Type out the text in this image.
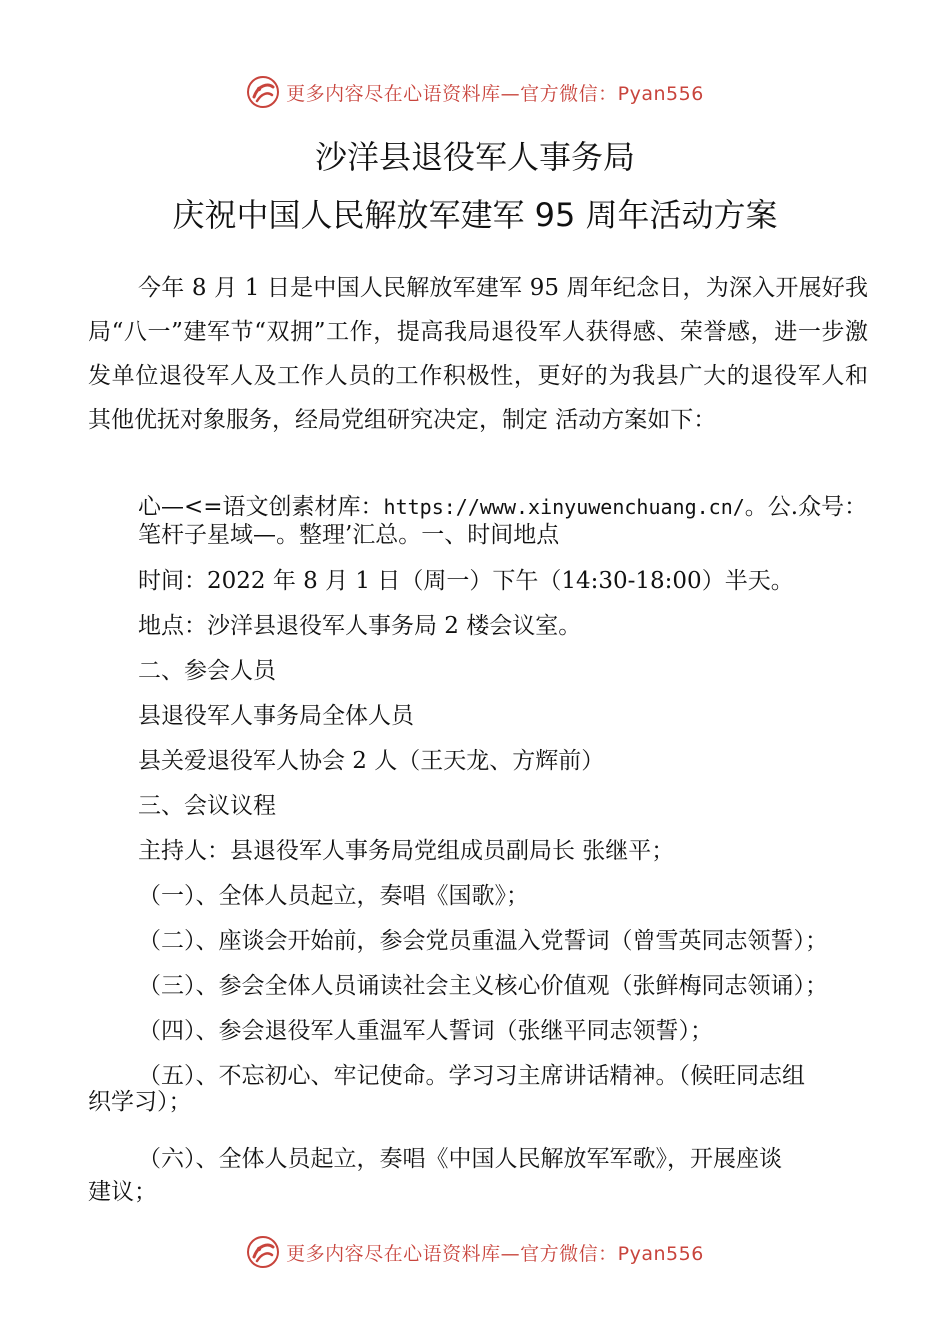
更多内容尽在心语资料库—官方微信：Pyan556
沙洋县退役军人事务局
庆祝中国人民解放军建军 95 周年活动方案

今年 8 月 1 日是中国人民解放军建军 95 周年纪念日，为深入开展好我局“八一”建军节“双拥”工作，提高我局退役军人获得感、荣誉感，进一步激发单位退役军人及工作人员的工作积极性，更好的为我县广大的退役军人和其他优抚对象服务，经局党组研究决定，制定 活动方案如下：

心—<=语文创素材库：https://www.xinyuwenchuang.cn/。公.众号：
笔杆子星域—。整理’汇总。一、时间地点
时间：2022 年 8 月 1 日（周一）下午（14:30-18:00）半天。
地点：沙洋县退役军人事务局 2 楼会议室。
二、参会人员
县退役军人事务局全体人员
县关爱退役军人协会 2 人（王天龙、方辉前）
三、会议议程
主持人：县退役军人事务局党组成员副局长 张继平；
（一）、全体人员起立，奏唱《国歌》；
（二）、座谈会开始前，参会党员重温入党誓词（曾雪英同志领誓）；
（三）、参会全体人员诵读社会主义核心价值观（张鲜梅同志领诵）；
（四）、参会退役军人重温军人誓词（张继平同志领誓）；
（五）、不忘初心、牢记使命。学习习主席讲话精神。（候旺同志组
织学习）；
（六）、全体人员起立，奏唱《中国人民解放军军歌》，开展座谈
建议；
更多内容尽在心语资料库—官方微信：Pyan556
